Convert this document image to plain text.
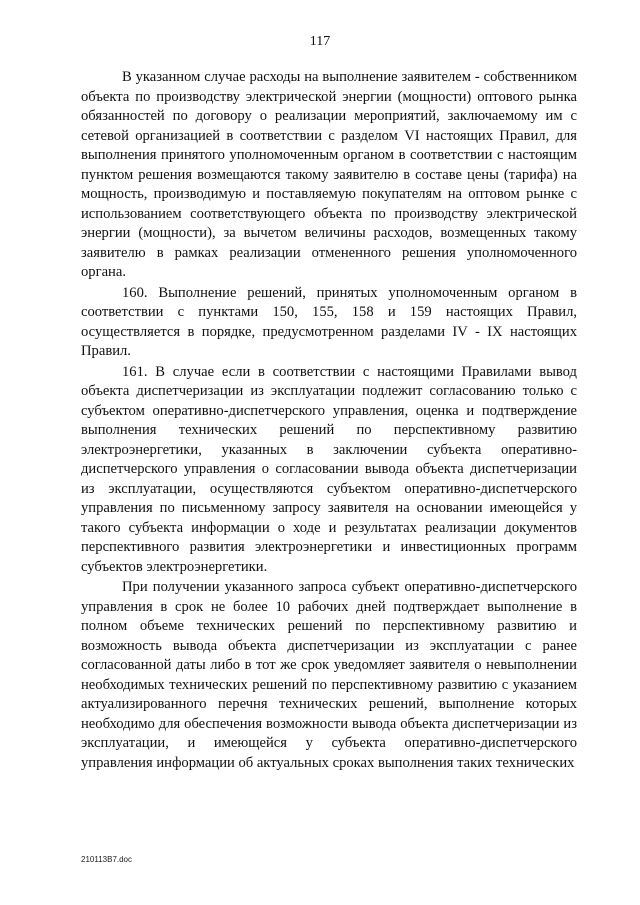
117

В указанном случае расходы на выполнение заявителем - собственником объекта по производству электрической энергии (мощности) оптового рынка обязанностей по договору о реализации мероприятий, заключаемому им с сетевой организацией в соответствии с разделом VI настоящих Правил, для выполнения принятого уполномоченным органом в соответствии с настоящим пунктом решения возмещаются такому заявителю в составе цены (тарифа) на мощность, производимую и поставляемую покупателям на оптовом рынке с использованием соответствующего объекта по производству электрической энергии (мощности), за вычетом величины расходов, возмещенных такому заявителю в рамках реализации отмененного решения уполномоченного органа.

160. Выполнение решений, принятых уполномоченным органом в соответствии с пунктами 150, 155, 158 и 159 настоящих Правил, осуществляется в порядке, предусмотренном разделами IV - IX настоящих Правил.

161. В случае если в соответствии с настоящими Правилами вывод объекта диспетчеризации из эксплуатации подлежит согласованию только с субъектом оперативно-диспетчерского управления, оценка и подтверждение выполнения технических решений по перспективному развитию электроэнергетики, указанных в заключении субъекта оперативно-диспетчерского управления о согласовании вывода объекта диспетчеризации из эксплуатации, осуществляются субъектом оперативно-диспетчерского управления по письменному запросу заявителя на основании имеющейся у такого субъекта информации о ходе и результатах реализации документов перспективного развития электроэнергетики и инвестиционных программ субъектов электроэнергетики.

При получении указанного запроса субъект оперативно-диспетчерского управления в срок не более 10 рабочих дней подтверждает выполнение в полном объеме технических решений по перспективному развитию и возможность вывода объекта диспетчеризации из эксплуатации с ранее согласованной даты либо в тот же срок уведомляет заявителя о невыполнении необходимых технических решений по перспективному развитию с указанием актуализированного перечня технических решений, выполнение которых необходимо для обеспечения возможности вывода объекта диспетчеризации из эксплуатации, и имеющейся у субъекта оперативно-диспетчерского управления информации об актуальных сроках выполнения таких технических

210113В7.doc
